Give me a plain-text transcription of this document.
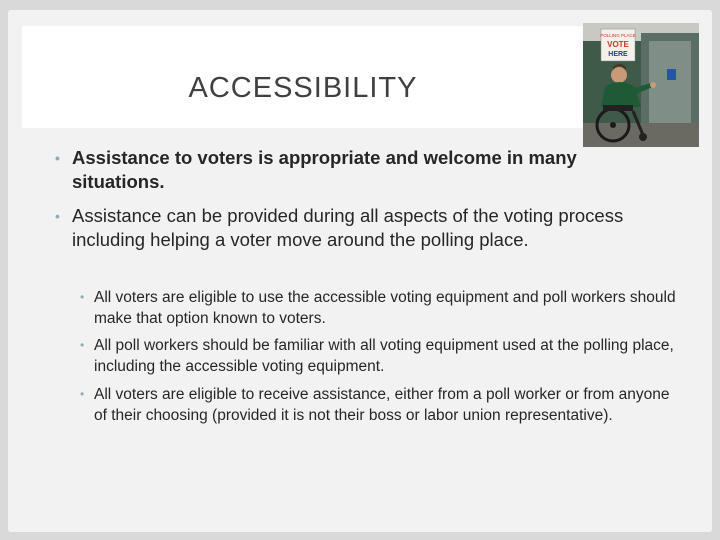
ACCESSIBILITY
POLLING PLACE
VOTE
HERE
• Assistance to voters is appropriate and welcome in many situations.
• Assistance can be provided during all aspects of the voting process including helping a voter move around the polling place.
• All voters are eligible to use the accessible voting equipment and poll workers should make that option known to voters.
• All poll workers should be familiar with all voting equipment used at the polling place, including the accessible voting equipment.
• All voters are eligible to receive assistance, either from a poll worker or from anyone of their choosing (provided it is not their boss or labor union representative).
